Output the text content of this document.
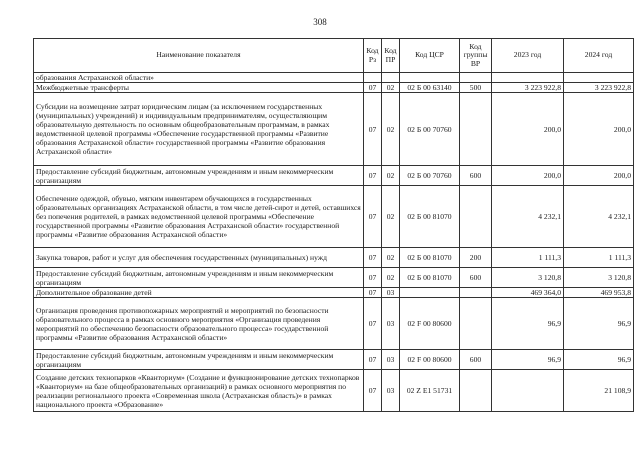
308
Наименование показателя	Код Рз	Код ПР	Код ЦСР	Код группы ВР	2023 год	2024 год
образования Астраханской области»						
Межбюджетные трансферты	07	02	02 Б 00 63140	500	3 223 922,8	3 223 922,8
Субсидии на возмещение затрат юридическим лицам (за исключением государственных (муниципальных) учреждений) и индивидуальным предпринимателям, осуществляющим образовательную деятельность по основным общеобразовательным программам, в рамках ведомственной целевой программы «Обеспечение государственной программы «Развитие образования Астраханской области» государственной программы «Развитие образования Астраханской области»	07	02	02 Б 00 70760		200,0	200,0
Предоставление субсидий бюджетным, автономным учреждениям и иным некоммерческим организациям	07	02	02 Б 00 70760	600	200,0	200,0
Обеспечение одеждой, обувью, мягким инвентарем обучающихся в государственных образовательных организациях Астраханской области, в том числе детей-сирот и детей, оставшихся без попечения родителей, в рамках ведомственной целевой программы «Обеспечение государственной программы «Развитие образования Астраханской области» государственной программы «Развитие образования Астраханской области»	07	02	02 Б 00 81070		4 232,1	4 232,1
Закупка товаров, работ и услуг для обеспечения государственных (муниципальных) нужд	07	02	02 Б 00 81070	200	1 111,3	1 111,3
Предоставление субсидий бюджетным, автономным учреждениям и иным некоммерческим организациям	07	02	02 Б 00 81070	600	3 120,8	3 120,8
Дополнительное образование детей	07	03			469 364,0	469 953,8
Организация проведения противопожарных мероприятий и мероприятий по безопасности образовательного процесса в рамках основного мероприятия «Организация проведения мероприятий по обеспечению безопасности образовательного процесса» государственной программы «Развитие образования Астраханской области»	07	03	02 F 00 80600		96,9	96,9
Предоставление субсидий бюджетным, автономным учреждениям и иным некоммерческим организациям	07	03	02 F 00 80600	600	96,9	96,9
Создание детских технопарков «Кванториум» (Создание и функционирование детских технопарков «Кванториум» на базе общеобразовательных организаций) в рамках основного мероприятия по реализации регионального проекта «Современная школа (Астраханская область)» в рамках национального проекта «Образование»	07	03	02 Z E1 51731			21 108,9
